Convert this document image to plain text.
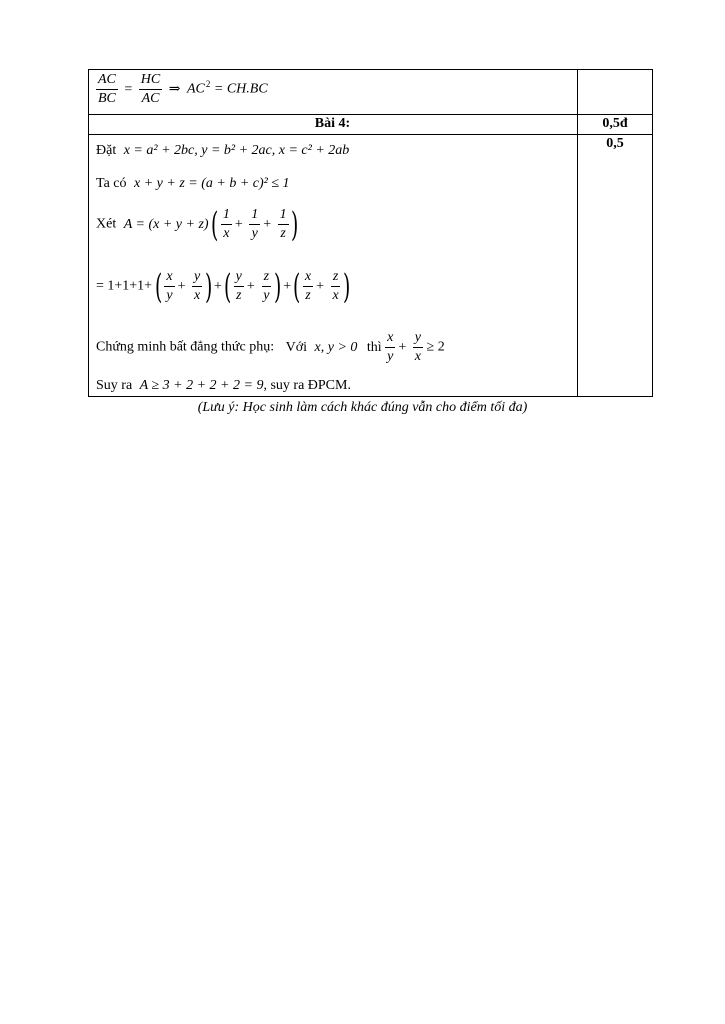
$\frac{AC}{BC} = \frac{HC}{AC}$ ⇒ $AC^2 = CH.BC$
Bài 4:	0,5đ
0,5
Đặt x = a² + 2bc, y = b² + 2ac, x = c² + 2ab
Ta có x + y + z = (a + b + c)² ≤ 1
Xét A = (x + y + z) ( $\frac{1}{x} + \frac{1}{y} + \frac{1}{z}$ )
= 1+1+1+ ( $\frac{x}{y} + \frac{y}{x}$ ) +( $\frac{y}{z} + \frac{z}{y}$ ) +( $\frac{x}{z} + \frac{z}{x}$ )
Chứng minh bất đẳng thức phụ: Với x, y > 0 thì $\frac{x}{y} + \frac{y}{x} \ge 2$
Suy ra A ≥ 3 + 2 + 2 + 2 = 9, suy ra ĐPCM.
(Lưu ý: Học sinh làm cách khác đúng vẫn cho điểm tối đa)
